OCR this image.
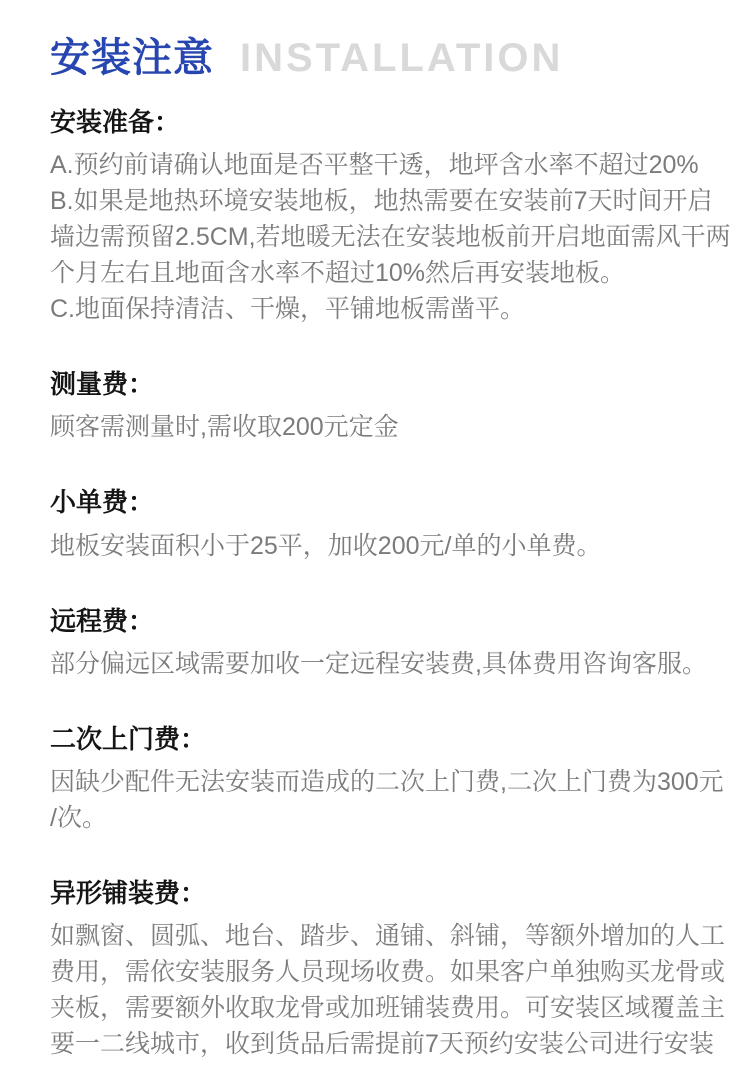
安装注意 INSTALLATION
安装准备：
A.预约前请确认地面是否平整干透，地坪含水率不超过20%
B.如果是地热环境安装地板，地热需要在安装前7天时间开启
墙边需预留2.5CM,若地暖无法在安装地板前开启地面需风干两
个月左右且地面含水率不超过10%然后再安装地板。
C.地面保持清洁、干燥，平铺地板需凿平。
测量费：
顾客需测量时,需收取200元定金
小单费：
地板安装面积小于25平，加收200元/单的小单费。
远程费：
部分偏远区域需要加收一定远程安装费,具体费用咨询客服。
二次上门费：
因缺少配件无法安装而造成的二次上门费,二次上门费为300元
/次。
异形铺装费：
如飘窗、圆弧、地台、踏步、通铺、斜铺，等额外增加的人工
费用，需依安装服务人员现场收费。如果客户单独购买龙骨或
夹板，需要额外收取龙骨或加班铺装费用。可安装区域覆盖主
要一二线城市，收到货品后需提前7天预约安装公司进行安装
